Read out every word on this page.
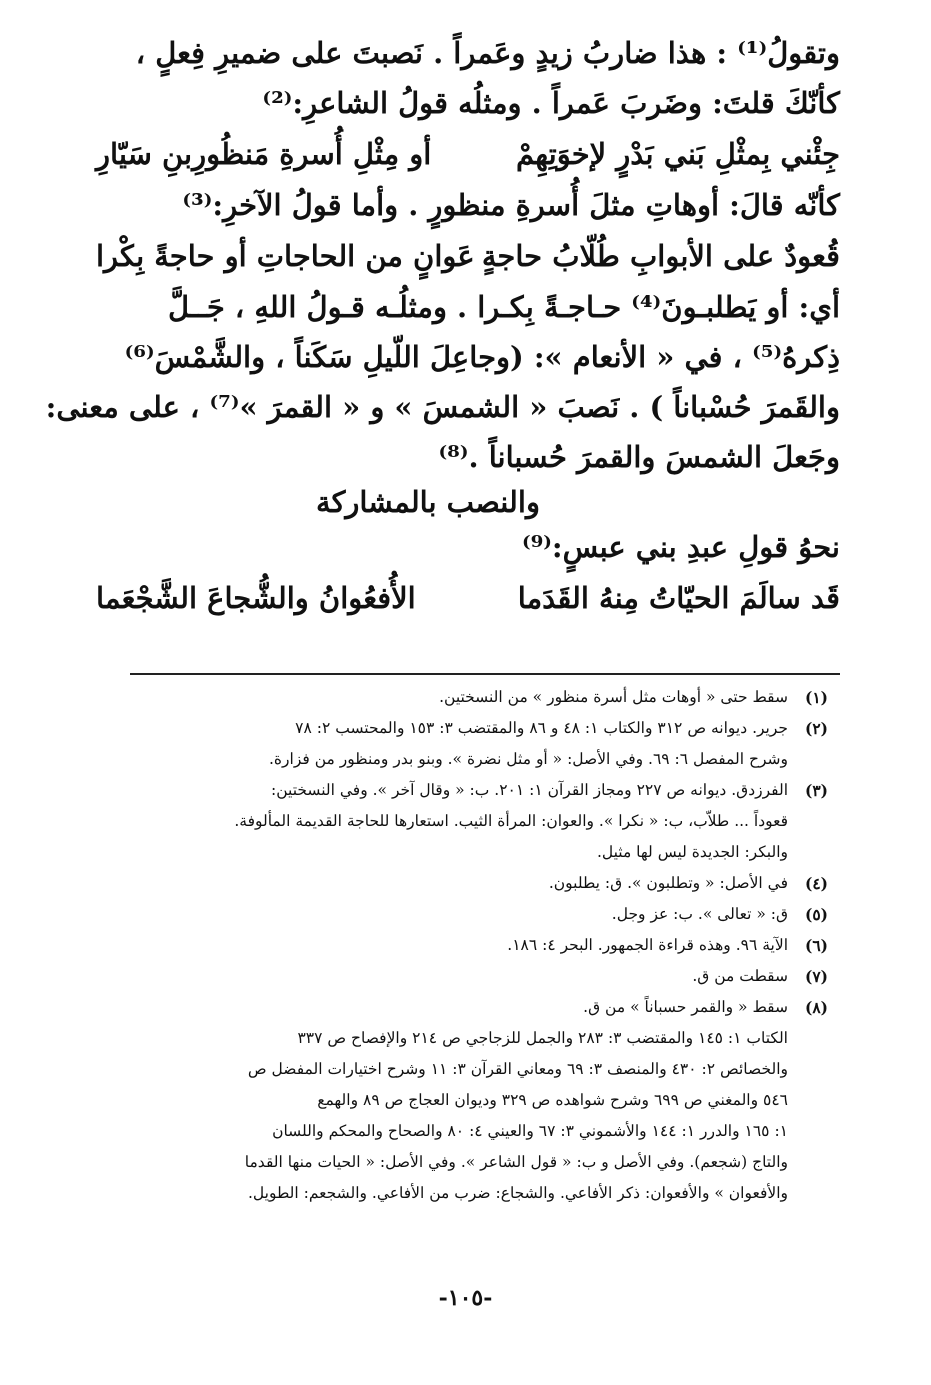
وتقولُ⁽¹⁾ : هذا ضاربُ زيدٍ وعَمراً . نَصبتَ على ضميرِ فِعلٍ ،
كأنّكَ قلتَ: وضَربَ عَمراً . ومثلُه قولُ الشاعرِ:⁽²⁾
جِئْني بِمثْلِ بَني بَدْرٍ لإخوَتِهِمْ
أو مِثْلِ أُسرةِ مَنظُورِبنِ سَيّارِ
كأنّه قالَ: أوهاتِ مثلَ أُسرةِ منظورٍ . وأما قولُ الآخرِ:⁽³⁾
قُعودٌ على الأبوابِ طُلّابُ حاجةٍ
عَوانٍ من الحاجاتِ أو حاجةً بِكْرا
أي: أو يَطلبـونَ⁽⁴⁾ حـاجـةً بِكـرا . ومثلُـه قـولُ اللهِ ، جَــلَّ
ذِكرهُ⁽⁵⁾ ، في « الأنعام »: (وجاعِلَ اللّيلِ سَكَناً ، والشَّمْسَ⁽⁶⁾
والقَمرَ حُسْباناً ) . نَصبَ « الشمسَ » و « القمرَ »⁽⁷⁾ ، على معنى:
وجَعلَ الشمسَ والقمرَ حُسباناً .⁽⁸⁾
والنصب بالمشاركة
نحوُ قولِ عبدِ بني عبسٍ:⁽⁹⁾
قَد سالَمَ الحيّاتُ مِنهُ القَدَما
الأُفعُوانُ والشُّجاعَ الشَّجْعَما
(١)
سقط حتى « أوهات مثل أسرة منظور » من النسختين.
(٢)
جرير. ديوانه ص ٣١٢ والكتاب ١: ٤٨ و ٨٦ والمقتضب ٣: ١٥٣ والمحتسب ٢: ٧٨
وشرح المفصل ٦: ٦٩. وفي الأصل: « أو مثل نضرة ». وبنو بدر ومنظور من فزارة.
(٣)
الفرزدق. ديوانه ص ٢٢٧ ومجاز القرآن ١: ٢٠١. ب: « وقال آخر ». وفي النسختين:
قعوداً ... طلاّب، ب: « نكرا ». والعوان: المرأة الثيب. استعارها للحاجة القديمة المألوفة.
والبكر: الجديدة ليس لها مثيل.
(٤)
في الأصل: « وتطلبون ». ق: يطلبون.
(٥)
ق: « تعالى ». ب: عز وجل.
(٦)
الآية ٩٦. وهذه قراءة الجمهور. البحر ٤: ١٨٦.
(٧)
سقطت من ق.
(٨)
سقط « والقمر حسباناً » من ق.
الكتاب ١: ١٤٥ والمقتضب ٣: ٢٨٣ والجمل للزجاجي ص ٢١٤ والإفصاح ص ٣٣٧
والخصائص ٢: ٤٣٠ والمنصف ٣: ٦٩ ومعاني القرآن ٣: ١١ وشرح اختيارات المفضل ص
٥٤٦ والمغني ص ٦٩٩ وشرح شواهده ص ٣٢٩ وديوان العجاج ص ٨٩ والهمع
١: ١٦٥ والدرر ١: ١٤٤ والأشموني ٣: ٦٧ والعيني ٤: ٨٠ والصحاح والمحكم واللسان
والتاج (شجعم). وفي الأصل و ب: « قول الشاعر ». وفي الأصل: « الحيات منها القدما
والأفعوان » والأفعوان: ذكر الأفاعي. والشجاع: ضرب من الأفاعي. والشجعم: الطويل.
-١٠٥-
